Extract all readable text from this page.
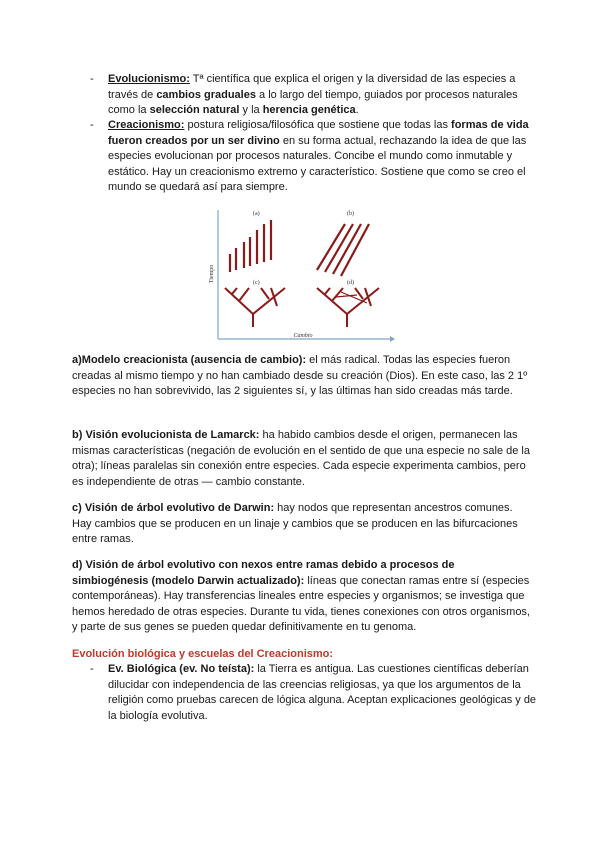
- Evolucionismo: Tª científica que explica el origen y la diversidad de las especies a través de cambios graduales a lo largo del tiempo, guiados por procesos naturales como la selección natural y la herencia genética.

- Creacionismo: postura religiosa/filosófica que sostiene que todas las formas de vida fueron creados por un ser divino en su forma actual, rechazando la idea de que las especies evolucionan por procesos naturales. Concibe el mundo como inmutable y estático. Hay un creacionismo extremo y característico. Sostiene que como se creo el mundo se quedará así para siempre.

Tiempo
Cambio
(a)	(b)
(c)	(d)

a)Modelo creacionista (ausencia de cambio): el más radical. Todas las especies fueron creadas al mismo tiempo y no han cambiado desde su creación (Dios). En este caso, las 2 1º especies no han sobrevivido, las 2 siguientes sí, y las últimas han sido creadas más tarde.

b) Visión evolucionista de Lamarck: ha habido cambios desde el origen, permanecen las mismas características (negación de evolución en el sentido de que una especie no sale de la otra); líneas paralelas sin conexión entre especies. Cada especie experimenta cambios, pero es independiente de otras — cambio constante.

c) Visión de árbol evolutivo de Darwin: hay nodos que representan ancestros comunes. Hay cambios que se producen en un linaje y cambios que se producen en las bifurcaciones entre ramas.

d) Visión de árbol evolutivo con nexos entre ramas debido a procesos de simbiogénesis (modelo Darwin actualizado): líneas que conectan ramas entre sí (especies contemporáneas). Hay transferencias lineales entre especies y organismos; se investiga que hemos heredado de otras especies. Durante tu vida, tienes conexiones con otros organismos, y parte de sus genes se pueden quedar definitivamente en tu genoma.

Evolución biológica y escuelas del Creacionismo:

- Ev. Biológica (ev. No teísta): la Tierra es antigua. Las cuestiones científicas deberían dilucidar con independencia de las creencias religiosas, ya que los argumentos de la religión como pruebas carecen de lógica alguna. Aceptan explicaciones geológicas y de la biología evolutiva.
